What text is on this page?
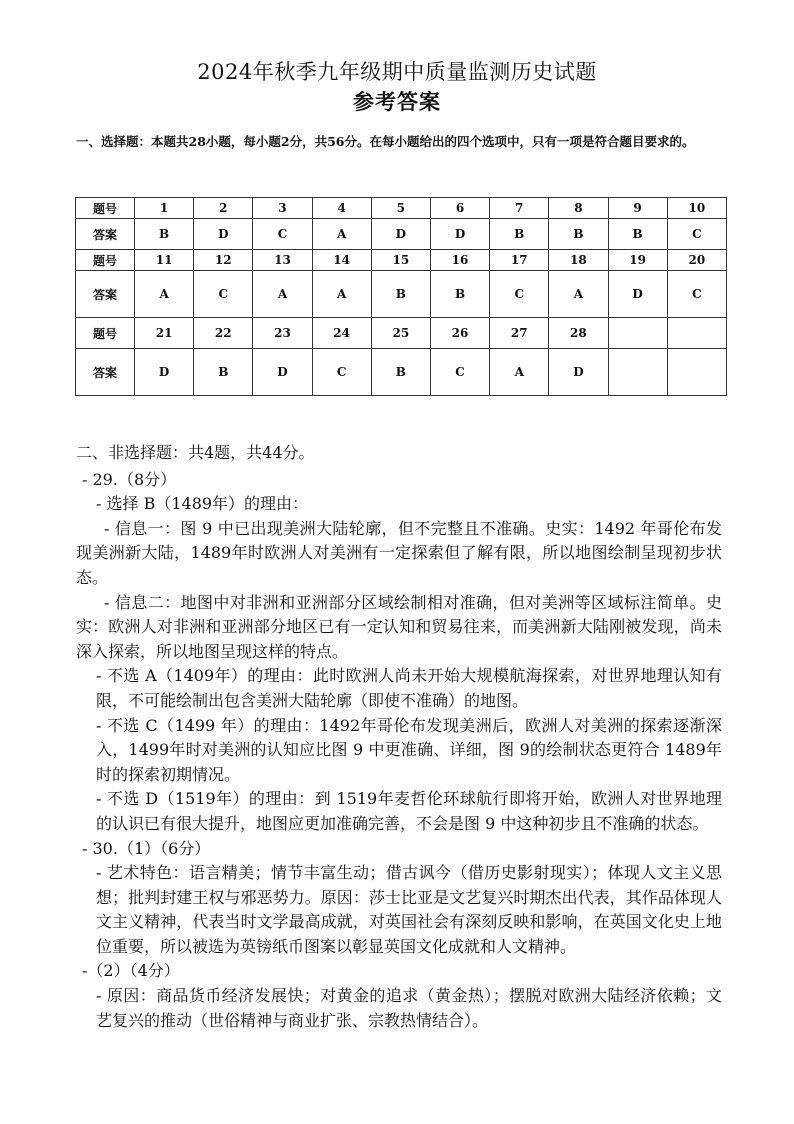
2024年秋季九年级期中质量监测历史试题
参考答案
一、选择题：本题共28小题，每小题2分，共56分。在每小题给出的四个选项中，只有一项是符合题目要求的。
题号	1	2	3	4	5	6	7	8	9	10
答案	B	D	C	A	D	D	B	B	B	C
题号	11	12	13	14	15	16	17	18	19	20
答案	A	C	A	A	B	B	C	A	D	C
题号	21	22	23	24	25	26	27	28		
答案	D	B	D	C	B	C	A	D		

二、非选择题：共4题，共44分。

- 29.（8分）

- 选择 B（1489年）的理由：

- 信息一：图 9 中已出现美洲大陆轮廓，但不完整且不准确。史实：1492 年哥伦布发现美洲新大陆，1489年时欧洲人对美洲有一定探索但了解有限，所以地图绘制呈现初步状态。

- 信息二：地图中对非洲和亚洲部分区域绘制相对准确，但对美洲等区域标注简单。史实：欧洲人对非洲和亚洲部分地区已有一定认知和贸易往来，而美洲新大陆刚被发现，尚未深入探索，所以地图呈现这样的特点。

- 不选 A（1409年）的理由：此时欧洲人尚未开始大规模航海探索，对世界地理认知有限，不可能绘制出包含美洲大陆轮廓（即使不准确）的地图。

- 不选 C（1499 年）的理由：1492年哥伦布发现美洲后，欧洲人对美洲的探索逐渐深入，1499年时对美洲的认知应比图 9 中更准确、详细，图 9的绘制状态更符合 1489年时的探索初期情况。

- 不选 D（1519年）的理由：到 1519年麦哲伦环球航行即将开始，欧洲人对世界地理的认识已有很大提升，地图应更加准确完善，不会是图 9 中这种初步且不准确的状态。

- 30.（1）（6分）

- 艺术特色：语言精美；情节丰富生动；借古讽今（借历史影射现实）；体现人文主义思想；批判封建王权与邪恶势力。原因：莎士比亚是文艺复兴时期杰出代表，其作品体现人文主义精神，代表当时文学最高成就，对英国社会有深刻反映和影响，在英国文化史上地位重要，所以被选为英镑纸币图案以彰显英国文化成就和人文精神。

-（2）（4分）

- 原因：商品货币经济发展快；对黄金的追求（黄金热）；摆脱对欧洲大陆经济依赖；文艺复兴的推动（世俗精神与商业扩张、宗教热情结合）。
